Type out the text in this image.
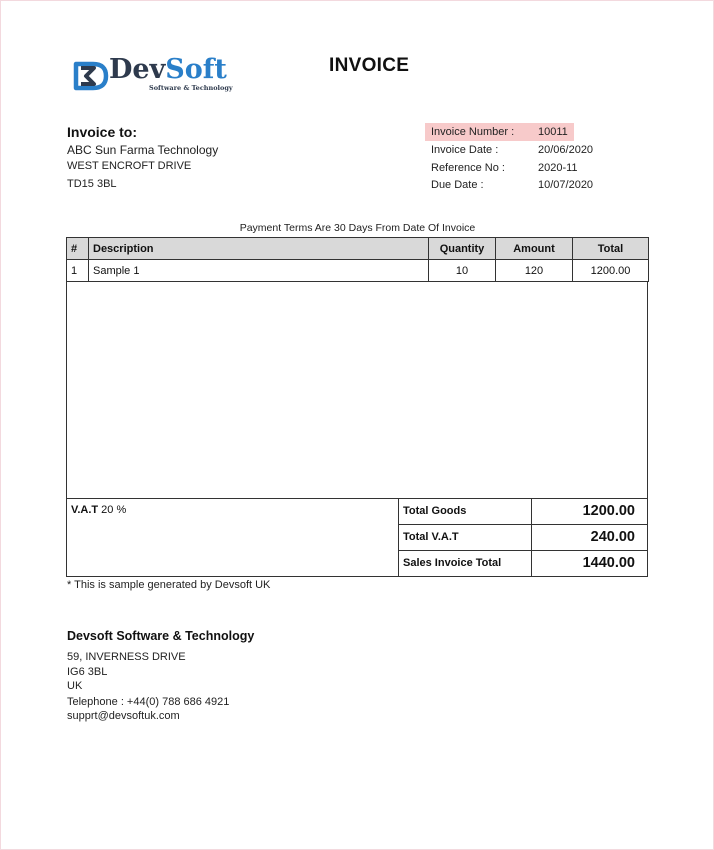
DevSoft
Software & Technology
INVOICE
Invoice to:
ABC Sun Farma Technology
WEST ENCROFT DRIVE
TD15 3BL
Invoice Number : 10011
Invoice Date :	20/06/2020
Reference No :	2020-11
Due Date :	10/07/2020
Payment Terms Are 30 Days From Date Of Invoice
#	Description	Quantity	Amount	Total
1	Sample 1	10	120	1200.00
V.A.T 20 %	Total Goods	1200.00
Total V.A.T	240.00
Sales Invoice Total	1440.00
* This is sample generated by Devsoft UK
Devsoft Software & Technology
59, INVERNESS DRIVE
IG6 3BL
UK
Telephone : +44(0) 788 686 4921
supprt@devsoftuk.com
